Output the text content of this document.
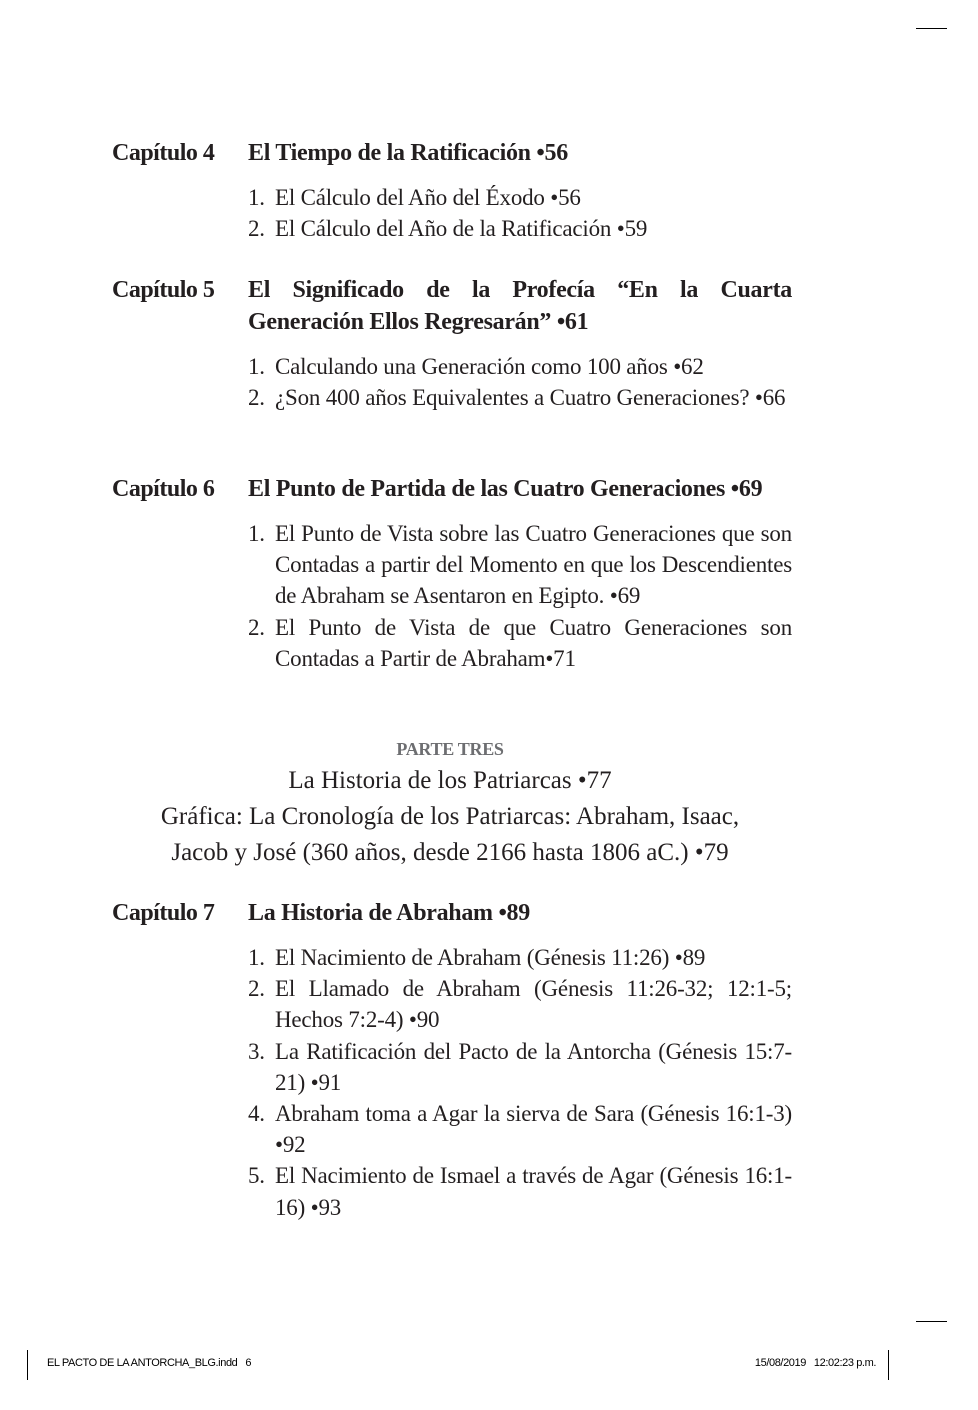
Capítulo 4	El Tiempo de la Ratificación •56
1. El Cálculo del Año del Éxodo •56
2. El Cálculo del Año de la Ratificación •59
Capítulo 5	El Significado de la Profecía “En la Cuarta Generación Ellos Regresarán” •61
1. Calculando una Generación como 100 años •62
2. ¿Son 400 años Equivalentes a Cuatro Generaciones? •66
Capítulo 6	El Punto de Partida de las Cuatro Generaciones •69
1. El Punto de Vista sobre las Cuatro Generaciones que son Contadas a partir del Momento en que los Descendientes de Abraham se Asentaron en Egipto. •69
2. El Punto de Vista de que Cuatro Generaciones son Contadas a Partir de Abraham•71
PARTE TRES
La Historia de los Patriarcas •77
Gráfica: La Cronología de los Patriarcas: Abraham, Isaac,
Jacob y José (360 años, desde 2166 hasta 1806 aC.) •79
Capítulo 7	La Historia de Abraham •89
1. El Nacimiento de Abraham (Génesis 11:26) •89
2. El Llamado de Abraham (Génesis 11:26-32; 12:1-5; Hechos 7:2-4) •90
3. La Ratificación del Pacto de la Antorcha (Génesis 15:7-21) •91
4. Abraham toma a Agar la sierva de Sara (Génesis 16:1-3) •92
5. El Nacimiento de Ismael a través de Agar (Génesis 16:1-16) •93
EL PACTO DE LA ANTORCHA_BLG.indd   6	15/08/2019   12:02:23 p.m.
